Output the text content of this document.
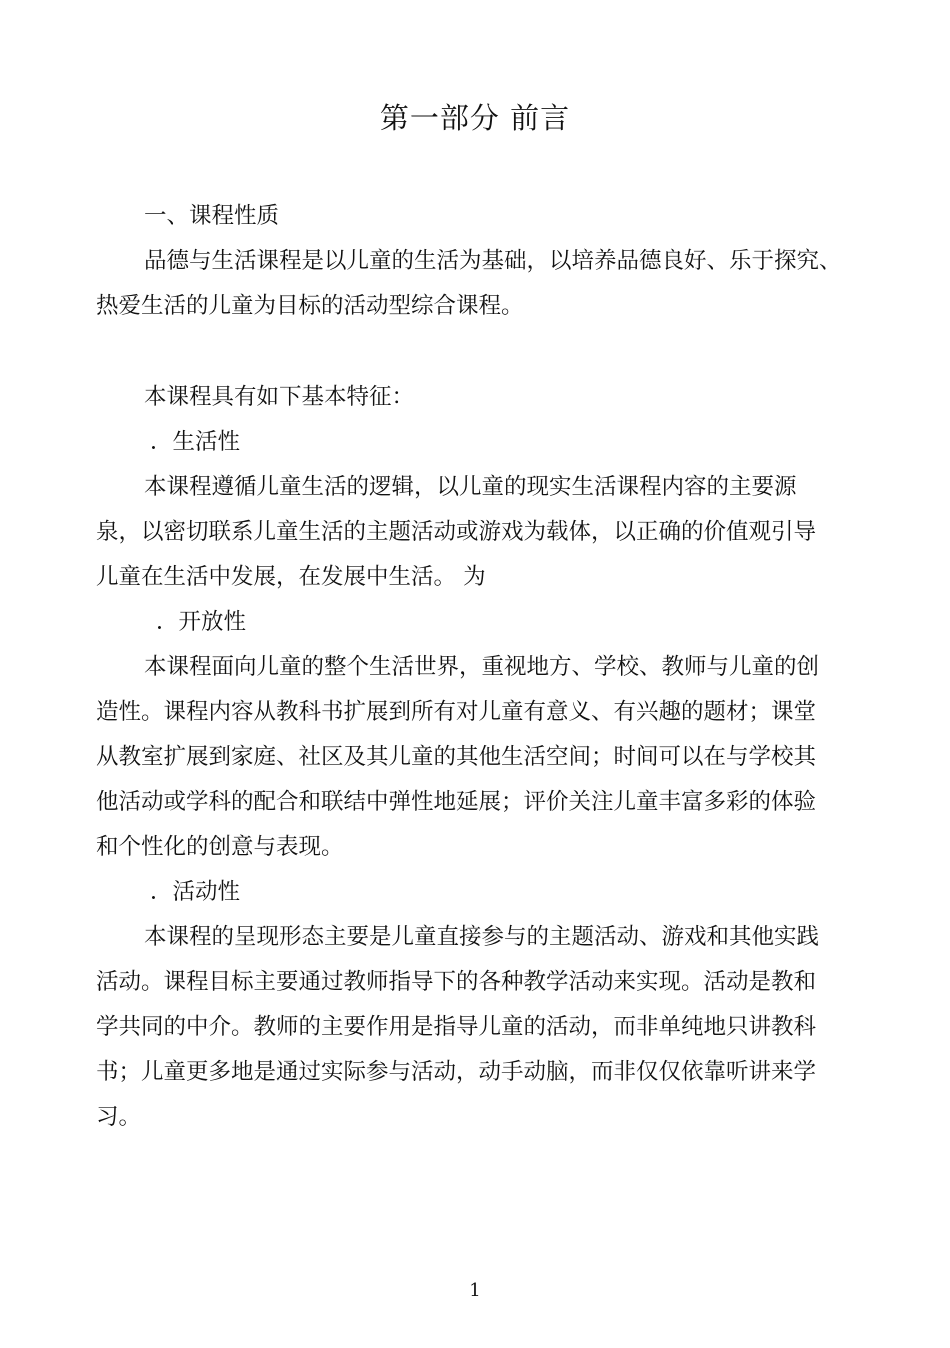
第一部分 前言
一、课程性质
品德与生活课程是以儿童的生活为基础，以培养品德良好、乐于探究、
热爱生活的儿童为目标的活动型综合课程。
本课程具有如下基本特征：
．生活性
本课程遵循儿童生活的逻辑，以儿童的现实生活课程内容的主要源
泉，以密切联系儿童生活的主题活动或游戏为载体，以正确的价值观引导
儿童在生活中发展，在发展中生活。 为
．开放性
本课程面向儿童的整个生活世界，重视地方、学校、教师与儿童的创
造性。课程内容从教科书扩展到所有对儿童有意义、有兴趣的题材；课堂
从教室扩展到家庭、社区及其儿童的其他生活空间；时间可以在与学校其
他活动或学科的配合和联结中弹性地延展；评价关注儿童丰富多彩的体验
和个性化的创意与表现。
．活动性
本课程的呈现形态主要是儿童直接参与的主题活动、游戏和其他实践
活动。课程目标主要通过教师指导下的各种教学活动来实现。活动是教和
学共同的中介。教师的主要作用是指导儿童的活动，而非单纯地只讲教科
书；儿童更多地是通过实际参与活动，动手动脑，而非仅仅依靠听讲来学
习。
1
